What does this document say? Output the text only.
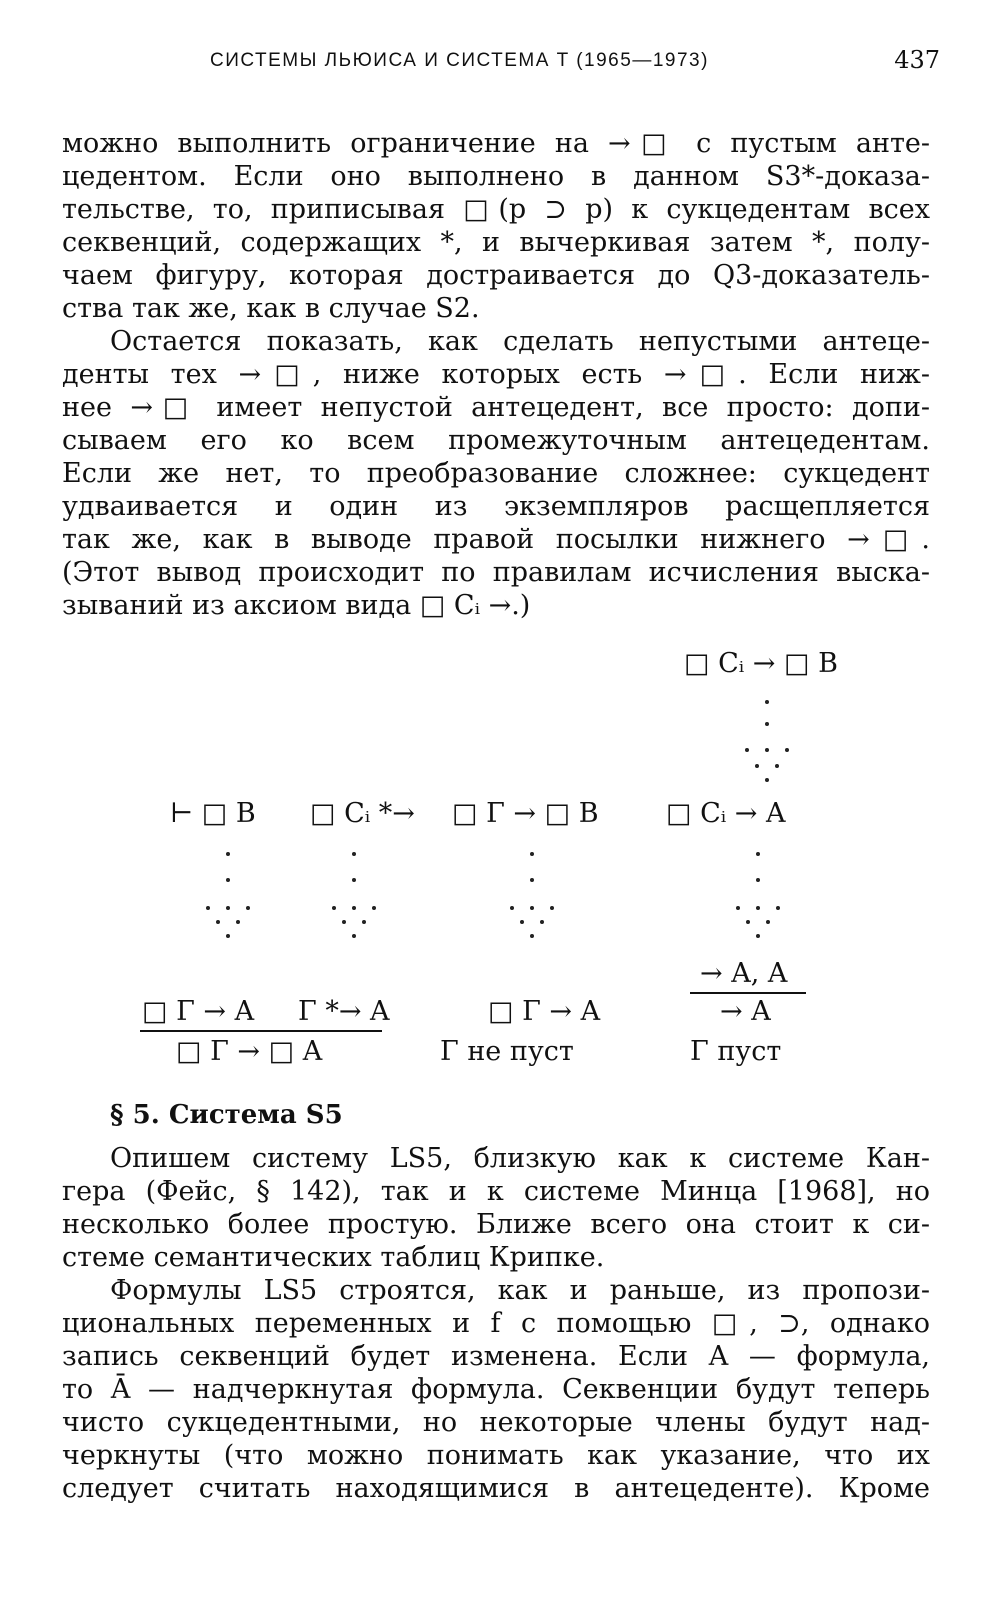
СИСТЕМЫ ЛЬЮИСА И СИСТЕМА T (1965—1973)	437
можно выполнить ограничение на →□ с пустым анте-
цедентом. Если оно выполнено в данном S3*-доказа-
тельстве, то, приписывая □(p ⊃ p) к сукцедентам всех
секвенций, содержащих *, и вычеркивая затем *, полу-
чаем фигуру, которая достраивается до Q3-доказатель-
ства так же, как в случае S2.
Остается показать, как сделать непустыми антеце-
денты тех →□, ниже которых есть →□. Если ниж-
нее →□ имеет непустой антецедент, все просто: допи-
сываем его ко всем промежуточным антецедентам.
Если же нет, то преобразование сложнее: сукцедент
удваивается и один из экземпляров расщепляется
так же, как в выводе правой посылки нижнего →□.
(Этот вывод происходит по правилам исчисления выска-
зываний из аксиом вида □ Cᵢ →.)
□ Cᵢ → □ B
⊢ □ B □ Cᵢ *→ □ Γ → □ B □ Cᵢ → A
→ A, A
→ A
□ Γ → A Γ *→ A
□ Γ → □ A
□ Γ → A
Γ не пуст	Γ пуст
§ 5. Система S5
Опишем систему LS5, близкую как к системе Кан-
гера (Фейс, § 142), так и к системе Минца [1968], но
несколько более простую. Ближе всего она стоит к си-
стеме семантических таблиц Крипке.
Формулы LS5 строятся, как и раньше, из пропози-
циональных переменных и f с помощью □, ⊃, однако
запись секвенций будет изменена. Если A — формула,
то Ā — надчеркнутая формула. Секвенции будут теперь
чисто сукцедентными, но некоторые члены будут над-
черкнуты (что можно понимать как указание, что их
следует считать находящимися в антецеденте). Кроме
